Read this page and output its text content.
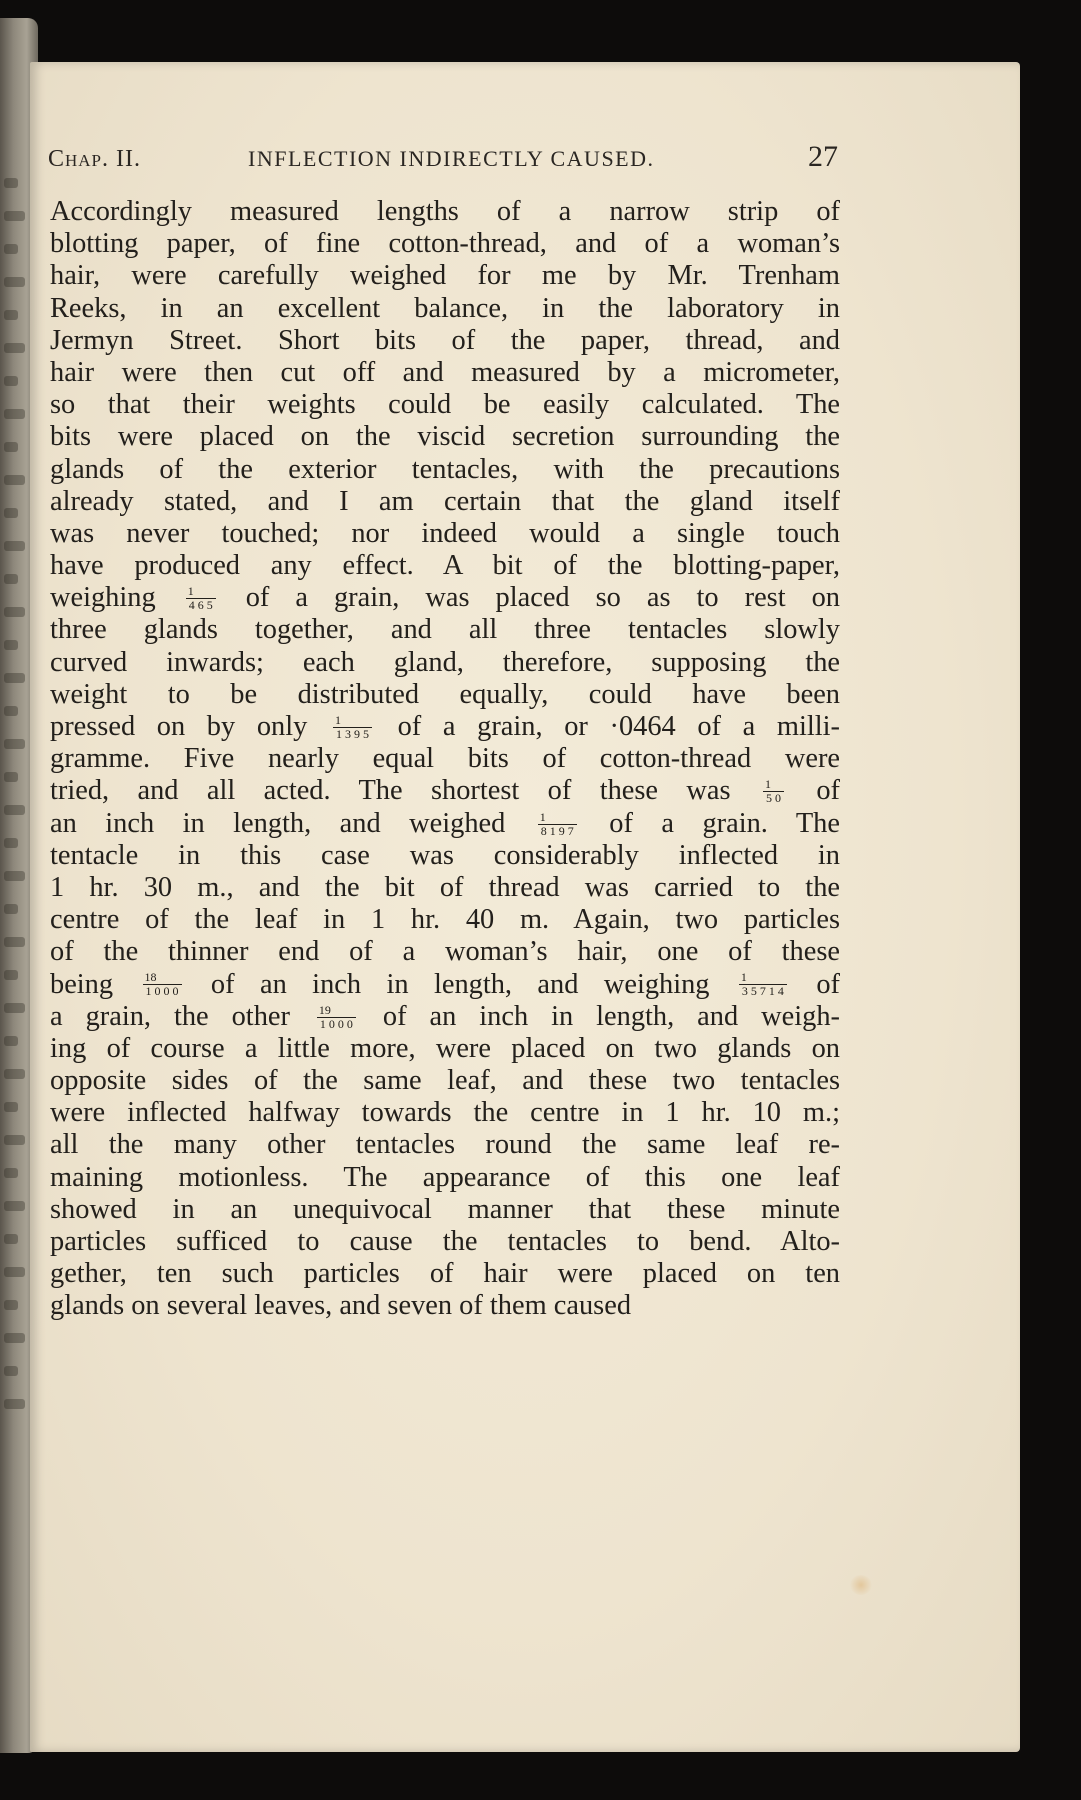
Chap. II.	INFLECTION INDIRECTLY CAUSED.	27
Accordingly measured lengths of a narrow strip of
blotting paper, of fine cotton-thread, and of a woman’s
hair, were carefully weighed for me by Mr. Trenham
Reeks, in an excellent balance, in the laboratory in
Jermyn Street. Short bits of the paper, thread, and
hair were then cut off and measured by a micrometer,
so that their weights could be easily calculated. The
bits were placed on the viscid secretion surrounding the
glands of the exterior tentacles, with the precautions
already stated, and I am certain that the gland itself
was never touched; nor indeed would a single touch
have produced any effect. A bit of the blotting-paper,
weighing	$\frac{1}{465}$ of a grain, was placed so as to rest on
three glands together, and all three tentacles slowly
curved inwards; each gland, therefore, supposing the
weight to be distributed equally, could have been
pressed on by only $\frac{1}{1395}$ of a grain, or ·0464 of a milli-
gramme. Five nearly equal bits of cotton-thread were
tried, and all acted. The shortest of these was	$\frac{1}{50}$ of
an inch in length, and weighed	$\frac{1}{8197}$ of a grain. The
tentacle in this case was considerably inflected in
1 hr. 30 m., and the bit of thread was carried to the
centre of the leaf in 1 hr. 40 m. Again, two particles
of the thinner end of a woman’s hair, one of these
being $\frac{18}{1000}$ of an inch in length, and weighing $\frac{1}{35714}$ of
a grain, the other $\frac{19}{1000}$ of an inch in length, and weigh-
ing of course a little more, were placed on two glands on
opposite sides of the same leaf, and these two tentacles
were inflected halfway towards the centre in 1 hr. 10 m.;
all the many other tentacles round the same leaf re-
maining motionless. The appearance of this one leaf
showed in an unequivocal manner that these minute
particles sufficed to cause the tentacles to bend. Alto-
gether, ten such particles of hair were placed on ten
glands on several leaves, and seven of them caused
